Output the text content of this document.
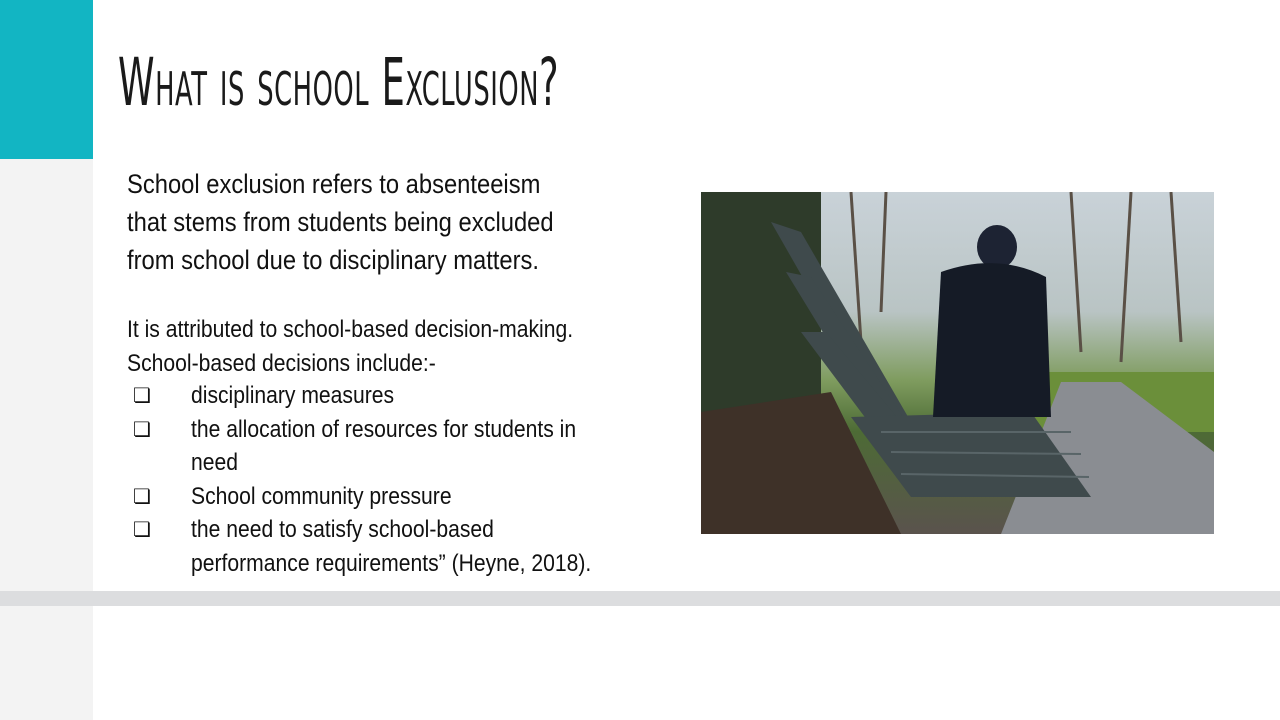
What is school Exclusion?
School exclusion refers to absenteeism
that stems from students being excluded
from school due to disciplinary matters.
It is attributed to school-based decision-making.
School-based decisions include:-
❏	disciplinary measures
❏	the allocation of resources for students in
need
❏	School community pressure
❏	the need to satisfy school-based
performance requirements” (Heyne, 2018).
